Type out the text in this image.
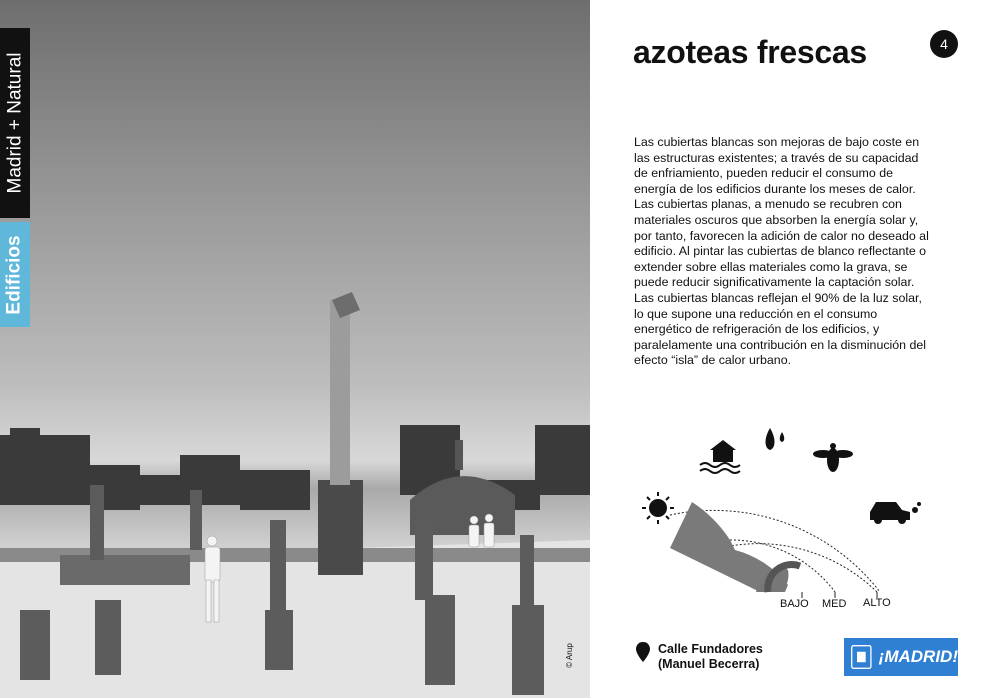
Madrid + Natural
Edificios
© Arup
4
azoteas frescas

Las cubiertas blancas son mejoras de bajo coste en las estructuras existentes; a través de su capacidad de enfriamiento, pueden reducir el consumo de energía de los edificios durante los meses de calor. Las cubiertas planas, a menudo se recubren con materiales oscuros que absorben la energía solar y, por tanto, favorecen la adición de calor no deseado al edificio. Al pintar las cubiertas de blanco reflectante o extender sobre ellas materiales como la grava, se puede reducir significativamente la captación solar. Las cubiertas blancas reflejan el 90% de la luz solar, lo que supone una reducción en el consumo energético de refrigeración de los edificios, y paralelamente una contribución en la disminución del efecto “isla” de calor urbano.

BAJO MED ALTO
Calle Fundadores
(Manuel Becerra)	¡MADRID!
